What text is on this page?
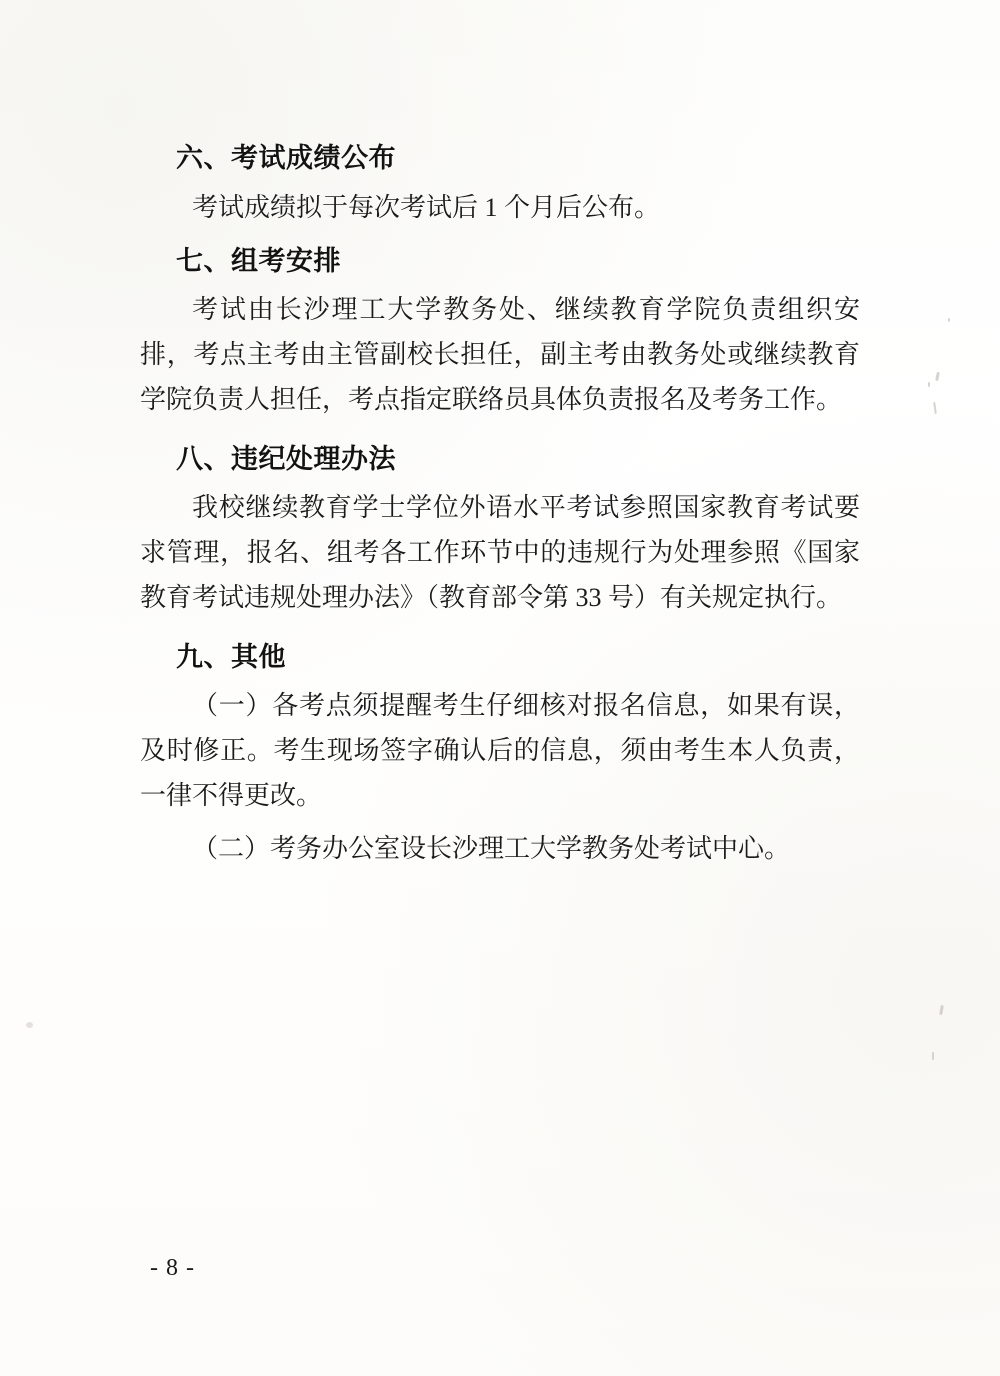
六、考试成绩公布

考试成绩拟于每次考试后 1 个月后公布。

七、组考安排

考试由长沙理工大学教务处、继续教育学院负责组织安排，考点主考由主管副校长担任，副主考由教务处或继续教育学院负责人担任，考点指定联络员具体负责报名及考务工作。

八、违纪处理办法

我校继续教育学士学位外语水平考试参照国家教育考试要求管理，报名、组考各工作环节中的违规行为处理参照《国家教育考试违规处理办法》（教育部令第 33 号）有关规定执行。

九、其他

（一）各考点须提醒考生仔细核对报名信息，如果有误，及时修正。考生现场签字确认后的信息，须由考生本人负责，一律不得更改。

（二）考务办公室设长沙理工大学教务处考试中心。

- 8 -
